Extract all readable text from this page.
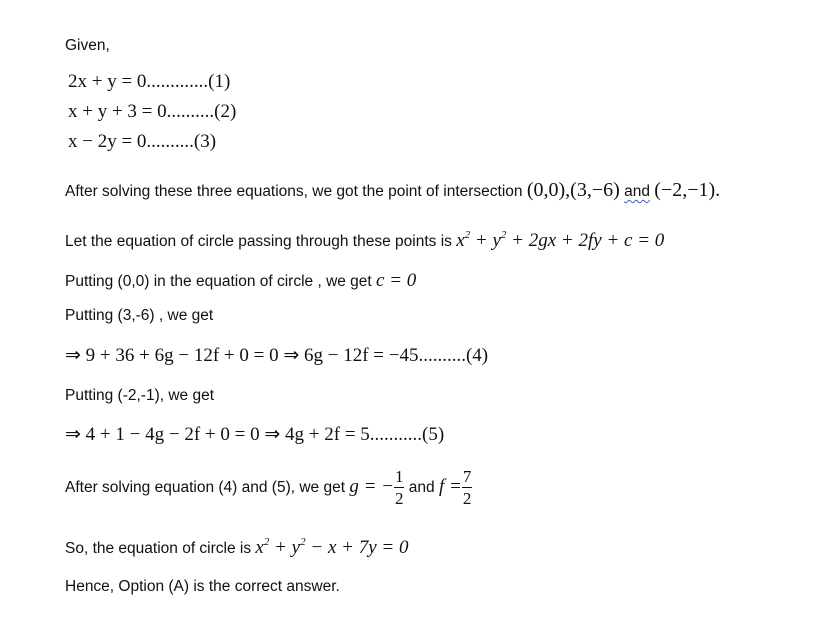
Given,
2x + y = 0.............(1)
x + y + 3 = 0..........(2)
x − 2y = 0..........(3)
After solving these three equations, we got the point of intersection (0,0),(3,−6) and (−2,−1).
Let the equation of circle passing through these points is $x^2 + y^2 + 2gx + 2fy + c = 0$
Putting (0,0) in the equation of circle , we get c = 0
Putting (3,-6) , we get
⇒ 9 + 36 + 6g − 12f + 0 = 0 ⇒ 6g − 12f = −45..........(4)
Putting (-2,-1), we get
⇒ 4 + 1 − 4g − 2f + 0 = 0 ⇒ 4g + 2f = 5...........(5)
After solving equation (4) and (5), we get g = − $\frac{1}{2}$ and $f = \frac{7}{2}$
So, the equation of circle is $x^2 + y^2 - x + 7y = 0$
Hence, Option (A) is the correct answer.
